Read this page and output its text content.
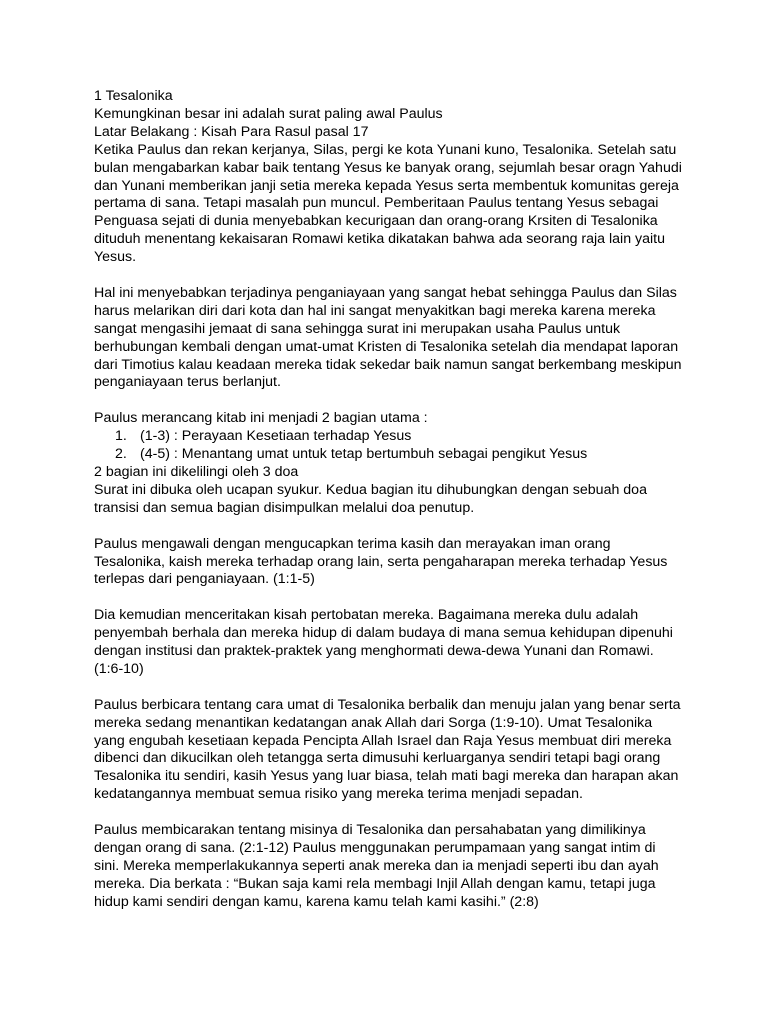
1 Tesalonika

Kemungkinan besar ini adalah surat paling awal Paulus

Latar Belakang : Kisah Para Rasul pasal 17

Ketika Paulus dan rekan kerjanya, Silas, pergi ke kota Yunani kuno, Tesalonika. Setelah satu bulan mengabarkan kabar baik tentang Yesus ke banyak orang, sejumlah besar oragn Yahudi dan Yunani memberikan janji setia mereka kepada Yesus serta membentuk komunitas gereja pertama di sana. Tetapi masalah pun muncul. Pemberitaan Paulus tentang Yesus sebagai Penguasa sejati di dunia menyebabkan kecurigaan dan orang-orang Krsiten di Tesalonika dituduh menentang kekaisaran Romawi ketika dikatakan bahwa ada seorang raja lain yaitu Yesus.

Hal ini menyebabkan terjadinya penganiayaan yang sangat hebat sehingga Paulus dan Silas harus melarikan diri dari kota dan hal ini sangat menyakitkan bagi mereka karena mereka sangat mengasihi jemaat di sana sehingga surat ini merupakan usaha Paulus untuk berhubungan kembali dengan umat-umat Kristen di Tesalonika setelah dia mendapat laporan dari Timotius kalau keadaan mereka tidak sekedar baik namun sangat berkembang meskipun penganiayaan terus berlanjut.

Paulus merancang kitab ini menjadi 2 bagian utama :

1. (1-3) : Perayaan Kesetiaan terhadap Yesus
2. (4-5) : Menantang umat untuk tetap bertumbuh sebagai pengikut Yesus

2 bagian ini dikelilingi oleh 3 doa

Surat ini dibuka oleh ucapan syukur. Kedua bagian itu dihubungkan dengan sebuah doa transisi dan semua bagian disimpulkan melalui doa penutup.

Paulus mengawali dengan mengucapkan terima kasih dan merayakan iman orang Tesalonika, kaish mereka terhadap orang lain, serta pengaharapan mereka terhadap Yesus terlepas dari penganiayaan. (1:1-5)

Dia kemudian menceritakan kisah pertobatan mereka. Bagaimana mereka dulu adalah penyembah berhala dan mereka hidup di dalam budaya di mana semua kehidupan dipenuhi dengan institusi dan praktek-praktek yang menghormati dewa-dewa Yunani dan Romawi. (1:6-10)

Paulus berbicara tentang cara umat di Tesalonika berbalik dan menuju jalan yang benar serta mereka sedang menantikan kedatangan anak Allah dari Sorga (1:9-10). Umat Tesalonika yang engubah kesetiaan kepada Pencipta Allah Israel dan Raja Yesus membuat diri mereka dibenci dan dikucilkan oleh tetangga serta dimusuhi kerluarganya sendiri tetapi bagi orang Tesalonika itu sendiri, kasih Yesus yang luar biasa, telah mati bagi mereka dan harapan akan kedatangannya membuat semua risiko yang mereka terima menjadi sepadan.

Paulus membicarakan tentang misinya di Tesalonika dan persahabatan yang dimilikinya dengan orang di sana. (2:1-12) Paulus menggunakan perumpamaan yang sangat intim di sini. Mereka memperlakukannya seperti anak mereka dan ia menjadi seperti ibu dan ayah mereka. Dia berkata : “Bukan saja kami rela membagi Injil Allah dengan kamu, tetapi juga hidup kami sendiri dengan kamu, karena kamu telah kami kasihi.” (2:8)
